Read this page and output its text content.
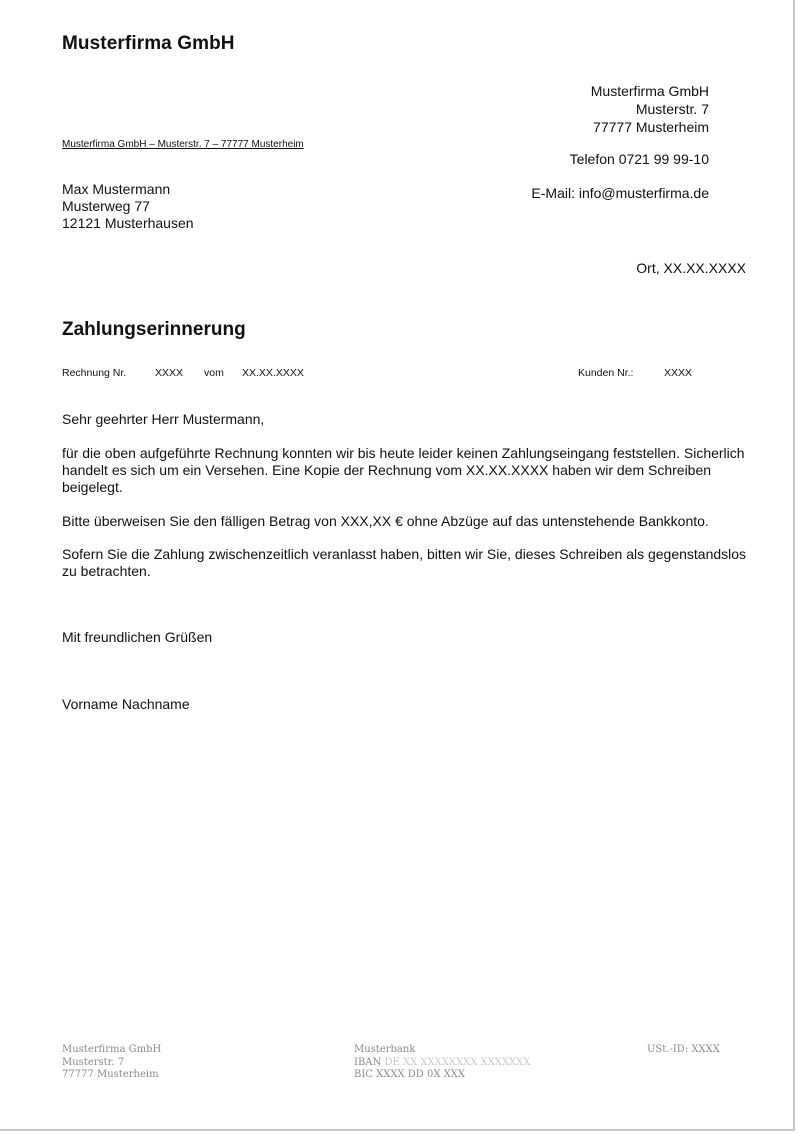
Musterfirma GmbH
Musterfirma GmbH
Musterstr. 7
77777 Musterheim
Musterfirma GmbH – Musterstr. 7 – 77777 Musterheim
Telefon 0721 99 99-10
E-Mail: info@musterfirma.de
Max Mustermann
Musterweg 77
12121 Musterhausen
Ort, XX.XX.XXXX
Zahlungserinnerung
Rechnung Nr.	XXXX vom XX.XX.XXXX	Kunden Nr.:	XXXX
Sehr geehrter Herr Mustermann,
für die oben aufgeführte Rechnung konnten wir bis heute leider keinen Zahlungseingang feststellen. Sicherlich handelt es sich um ein Versehen. Eine Kopie der Rechnung vom XX.XX.XXXX haben wir dem Schreiben beigelegt.
Bitte überweisen Sie den fälligen Betrag von XXX,XX € ohne Abzüge auf das untenstehende Bankkonto.
Sofern Sie die Zahlung zwischenzeitlich veranlasst haben, bitten wir Sie, dieses Schreiben als gegenstandslos zu betrachten.
Mit freundlichen Grüßen
Vorname Nachname
Musterfirma GmbH
Musterstr. 7
77777 Musterheim
Musterbank
IBAN DE XX XXXXXXXX XXXXXXX
BIC XXXX DD 0X XXX
USt.-ID: XXXX
